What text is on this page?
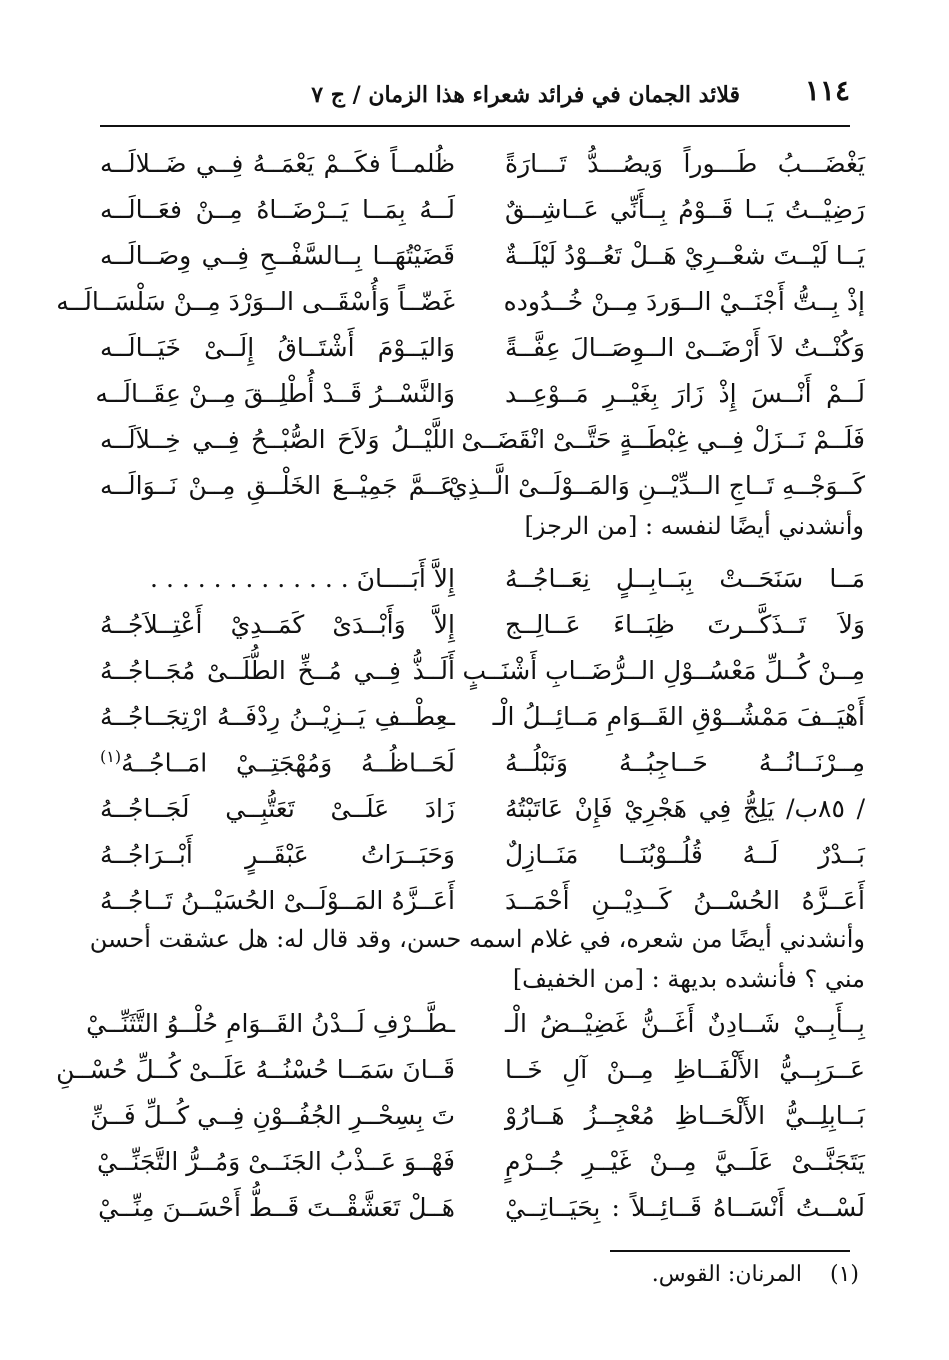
١١٤
قلائد الجمان في فرائد شعراء هذا الزمان / ج ٧
يَغْضَـــبُ طَـــوراً وَيصُـــدُّ تَـــارَةً
ظُلمــاً فكَــمْ يَعْمَــهُ فِــي ضَــلالَــه
رَضِيْــتُ يَــا قَــوْمُ بِــأَنِّي عَــاشِــقٌ
لَــهُ بِمَــا يَــرْضَــاهُ مِــنْ فعَــالَــه
يَــا لَيْــتَ شعْــرِيْ هَــلْ تَعُــوْدُ لَيْلَــةٌ
قَضَيْتُهَــا بِــالسَّفْــحِ فِــي وِصَــالَــه
إذْ بِــتُّ أَجْنَــيْ الــوَردَ مِــنْ خُــدُوده
غَضّــاً وَأُسْقَــى الــوَرْدَ مِــنْ سَلْسَــالَــه
وَكُنْــتُ لاَ أَرْضَــىْ الــوِصَــالَ عِفَّــةً
وَاليَــوْمَ أَشْتَــاقُ إِلَــىْ خَيَــالَــه
لَــمْ أَنْــسَ إِذْ زَارَ بِغَيْــرِ مَــوْعِــد
وَالنَّسْــرُ قَــدْ أُطْلِــقَ مِــنْ عِقَــالَــه
فَلَــمْ نَــزَلْ فِــي غِبْطَــةٍ حَتَّــىْ انْقَضَــىْ
اللَّيْــلُ وَلاَحَ الصُّبْــحُ فِــي خِــلاَلَــه
كَــوَجْــهِ تَــاجِ الــدِّيْــنِ وَالمَــوْلَــىْ الَّــذِيْ
عَــمَّ جَمِيْــعَ الخَلْــقِ مِــنْ نَــوَالَــه
وأنشدني أيضًا لنفسه : [من الرجز]
مَــا سَنَحَــتْ بِبَــابِــلٍ نِعَــاجُــهُ
إِلاَّ أَبَــــانَ . . . . . . . . . . . . .
وَلاَ تَــذَكَّــرتَ ظِبَــاءَ عَــالِــج
إِلاَّ وَأَبْــدَىْ كَمَــدِيْ أَعْتِــلاَجُــهُ
مِــنْ كُــلِّ مَعْسُــوْلِ الــرُّضَــابِ أَشْنَــبٍ
أَلَــذُّ فِــي مُــخِّ الطُّلَــىْ مُجَــاجُــهُ
أَهْيَــفَ مَمْشُــوْقِ القَــوَامِ مَــائِــلُ الْـ
ـعِطْــفِ يَــزِيْــنُ رِدْفَــهُ ارْتِجَــاجُــهُ
مِــرْنَــانُــهُ حَــاجِبُــهُ وَنَبْلُــهُ
لَحَــاظُــهُ وَمُهْجَتِــيْ امَــاجُــهُ$^{(١)}$
/ ٨٥ب/ يَلِجُّ فِي هَجْرِيْ فَإِنْ عَاتَبْتُهُ
زَادَ عَلَــىْ تَعَتُّبِــي لَجَــاجُــهُ
بَــدْرٌ لَــهُ قُلُــوْبُنَــا مَنَــازِلٌ
وَحَبَــرَاتُ عَبْقَــرٍ أَبْــرَاجُــهُ
أَعَــزَّهُ الحُسْــنُ كَــدِيْــنِ أَحْمَــدَ
أَعَــزَّهُ المَــوْلَــىْ الحُسَيْــنُ تَــاجُــهُ
وأنشدني أيضًا من شعره، في غلام اسمه حسن، وقد قال له: هل عشقت أحسن
مني ؟ فأنشده بديهة : [من الخفيف]
بِــأَبِــيْ شَــادِنٌ أَغَــنُّ غَضِيْــضُ الْـ
ـطَّــرْفِ لَــدْنُ القَــوَامِ حُلْــوُ التَّثَنِّــيْ
عَــرَبِــيُّ الأَلْفَــاظِ مِــنْ آلِ خَــا
قَــانَ سَمَــا حُسْنُــهُ عَلَــىْ كُــلِّ حُسْــنِ
بَــابِلِــيُّ الأَلْحَــاظِ مُعْجِــزُ هَــارُوْ
تَ بِسِحْــرِ الجُفُــوْنِ فِــي كُــلِّ فَــنِّ
يَتَجَنَّــىْ عَلَــيَّ مِــنْ غَيْــرِ جُــرْمٍ
فَهْــوَ عَــذْبُ الجَنَــىْ وَمُــرُّ التَّجَنِّــيْ
لَسْــتُ أَنْسَــاهُ قَــائِــلاً : بِحَيَــاتِــيْ
هَــلْ تَعَشَّقْــتَ قَــطُّ أَحْسَــنَ مِنِّــيْ
(١)    المرنان: القوس.
